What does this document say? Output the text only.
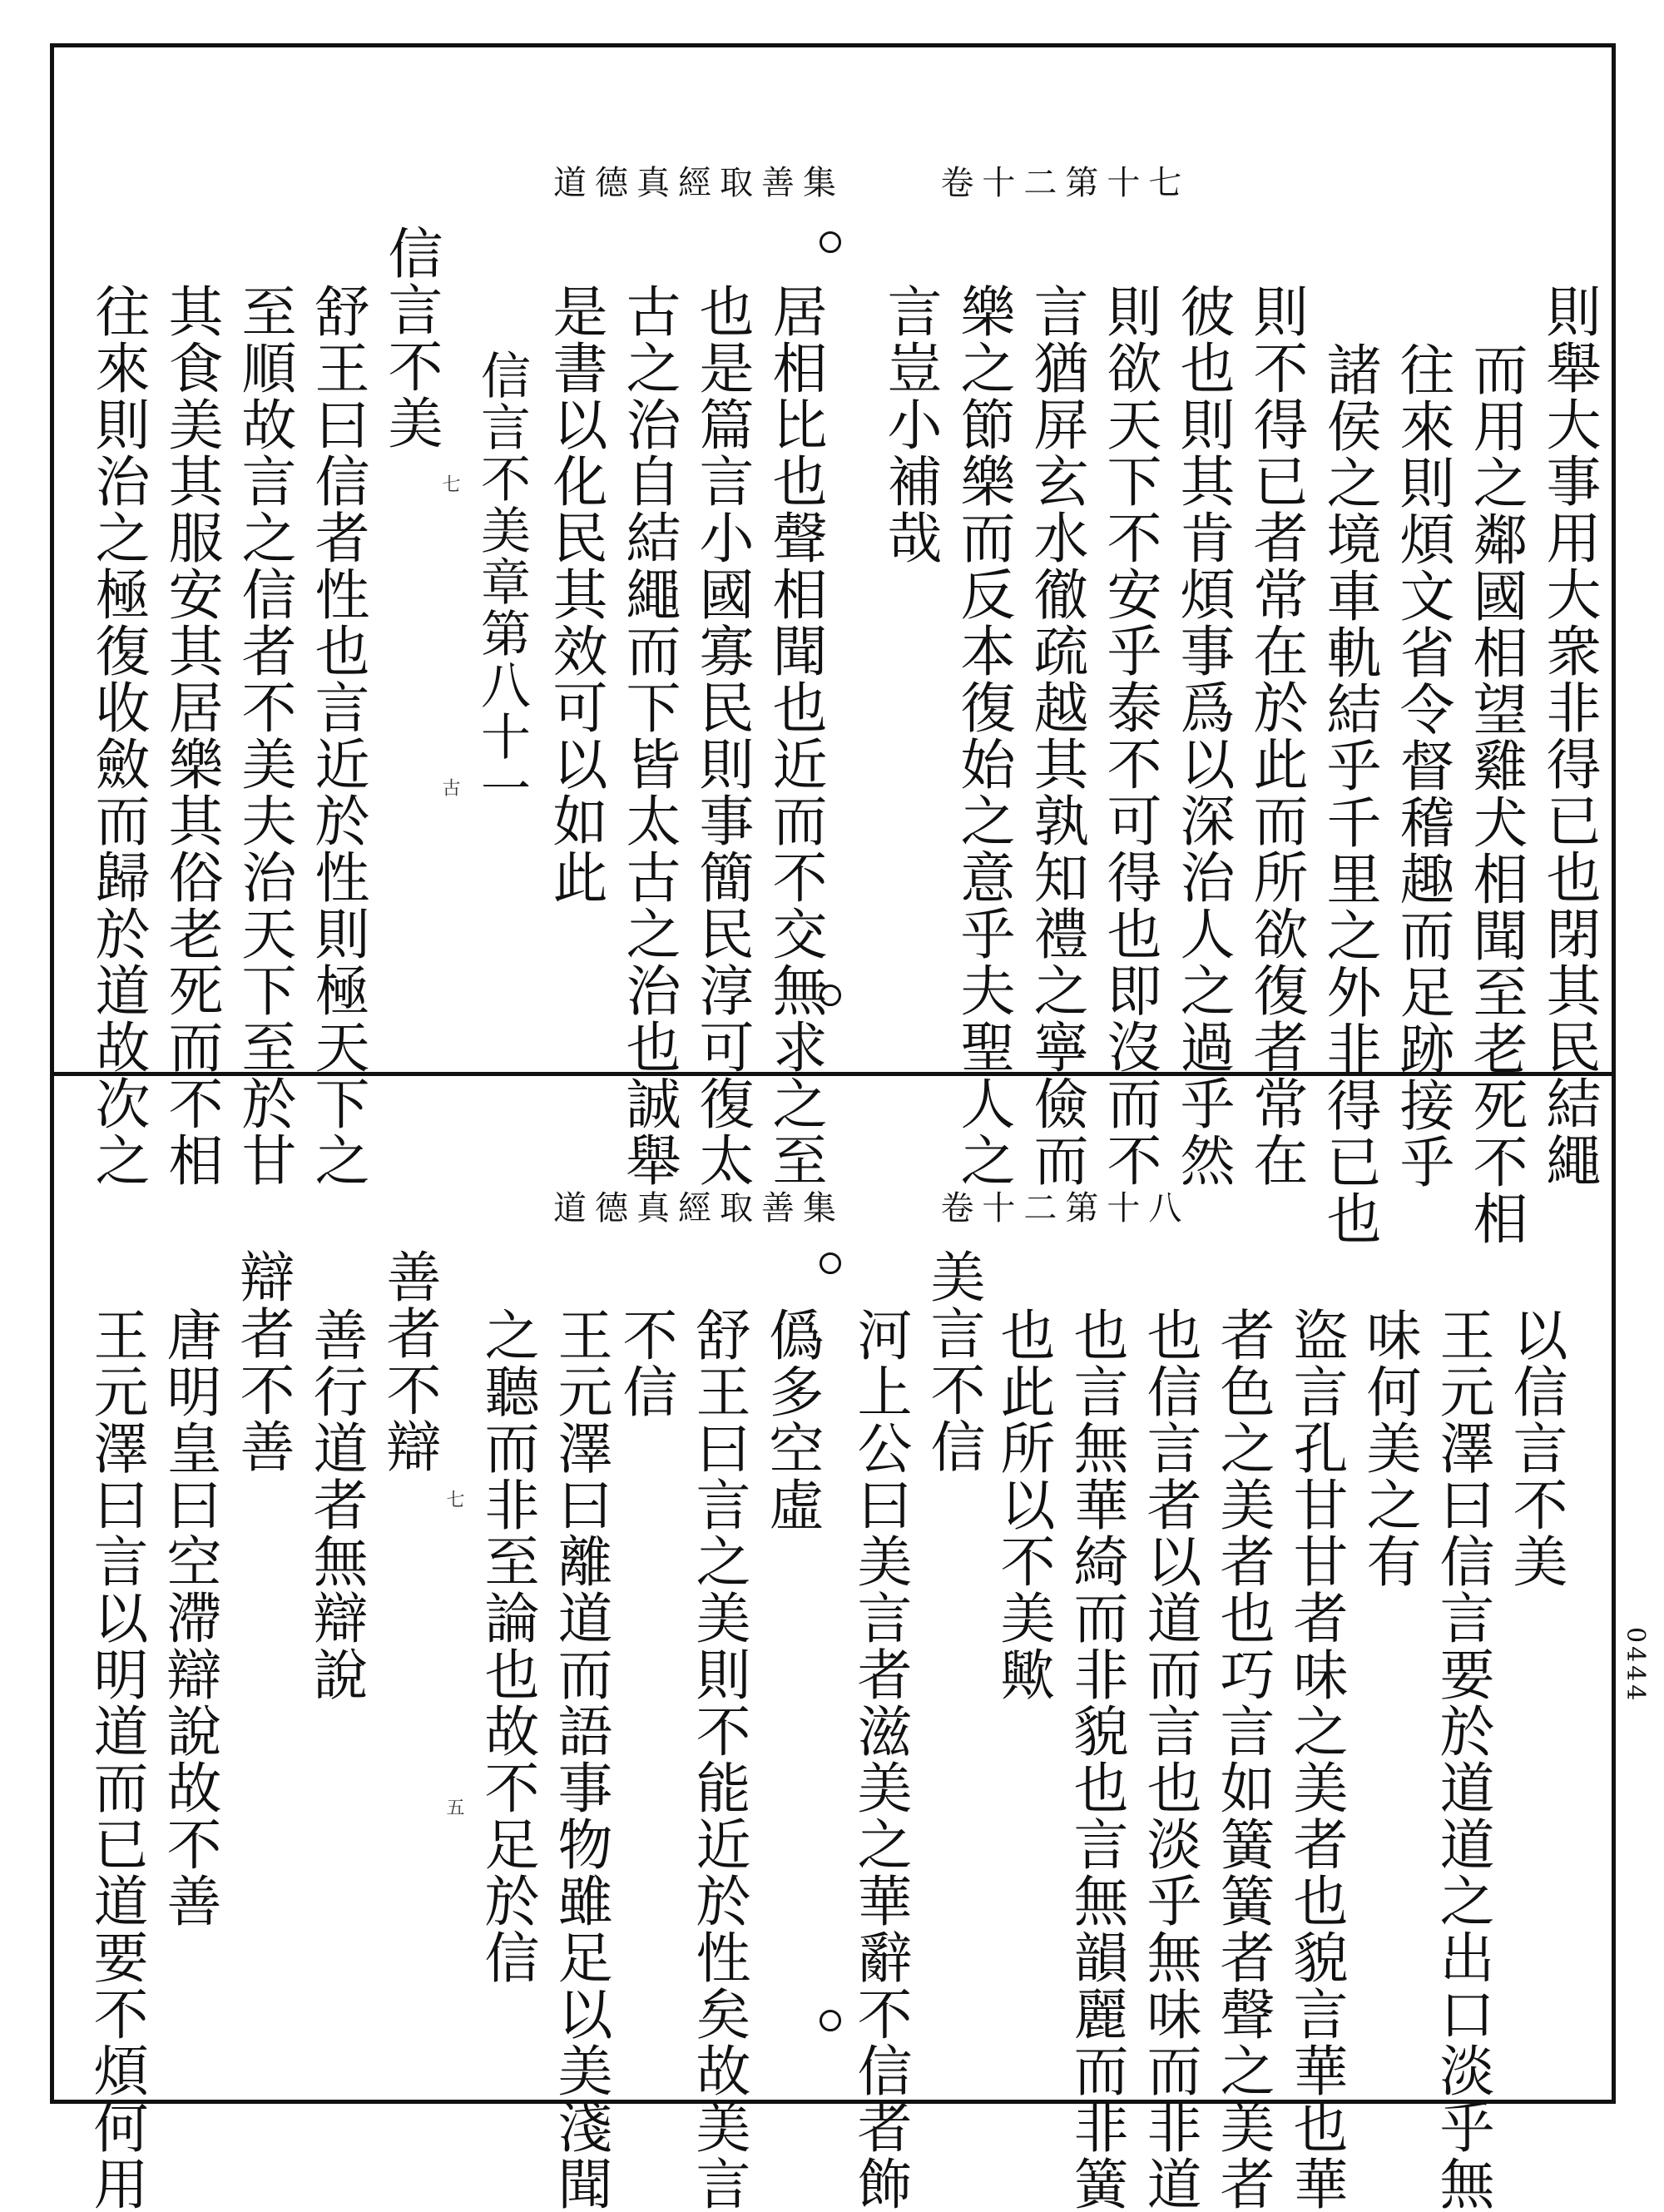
道德真經取善集	卷十二第十七
道德真經取善集	卷十二第十八
0444
則舉大事用大衆非得已也閉其民結繩
而用之鄰國相望雞犬相聞至老死不相
往來則煩文省令督稽趣而足跡接乎
諸侯之境車軌結乎千里之外非得已也
則不得已者常在於此而所欲復者常在
彼也則其肯煩事爲以深治人之過乎然
則欲天下不安乎泰不可得也即沒而不
言猶屏玄水徹疏越其孰知禮之寧儉而
樂之節樂而反本復始之意乎夫聖人之
言豈小補哉
居相比也聲相聞也近而不交無求之至
也是篇言小國寡民則事簡民淳可復太
古之治自結繩而下皆太古之治也誠舉
是書以化民其效可以如此
信言不美章第八十一
七
古
信言不美
舒王曰信者性也言近於性則極天下之
至順故言之信者不美夫治天下至於甘
其食美其服安其居樂其俗老死而不相
往來則治之極復收斂而歸於道故次之
以信言不美
王元澤曰信言要於道道之出口淡乎無
味何美之有
盜言孔甘甘者味之美者也貌言華也華
者色之美者也巧言如簧簧者聲之美者
也信言者以道而言也淡乎無味而非道
也言無華綺而非貌也言無韻麗而非簧
也此所以不美歟
美言不信
河上公曰美言者滋美之華辭不信者飾
僞多空虛
舒王曰言之美則不能近於性矣故美言
不信
王元澤曰離道而語事物雖足以美淺聞
之聽而非至論也故不足於信
七
五
善者不辯
善行道者無辯說
辯者不善
唐明皇曰空滯辯說故不善
王元澤曰言以明道而已道要不煩何用
